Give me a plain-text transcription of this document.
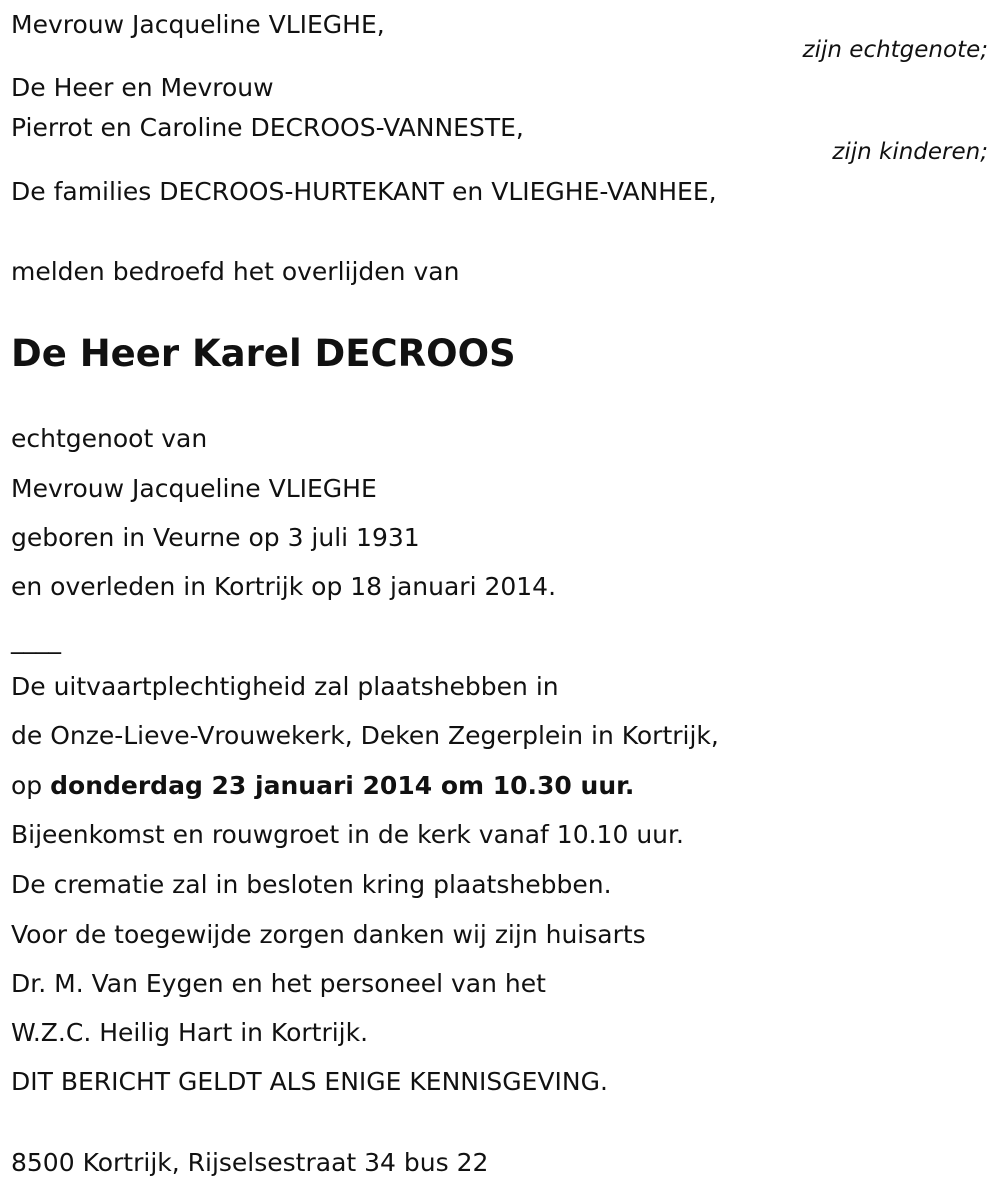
Mevrouw Jacqueline VLIEGHE,
zijn echtgenote;
De Heer en Mevrouw
Pierrot en Caroline DECROOS-VANNESTE,
zijn kinderen;
De families DECROOS-HURTEKANT en VLIEGHE-VANHEE,
melden bedroefd het overlijden van
De Heer Karel DECROOS
echtgenoot van
Mevrouw Jacqueline VLIEGHE
geboren in Veurne op 3 juli 1931
en overleden in Kortrijk op 18 januari 2014.
____
De uitvaartplechtigheid zal plaatshebben in
de Onze-Lieve-Vrouwekerk, Deken Zegerplein in Kortrijk,
op donderdag 23 januari 2014 om 10.30 uur.
Bijeenkomst en rouwgroet in de kerk vanaf 10.10 uur.
De crematie zal in besloten kring plaatshebben.
Voor de toegewijde zorgen danken wij zijn huisarts
Dr. M. Van Eygen en het personeel van het
W.Z.C. Heilig Hart in Kortrijk.
DIT BERICHT GELDT ALS ENIGE KENNISGEVING.
8500 Kortrijk, Rijselsestraat 34 bus 22
